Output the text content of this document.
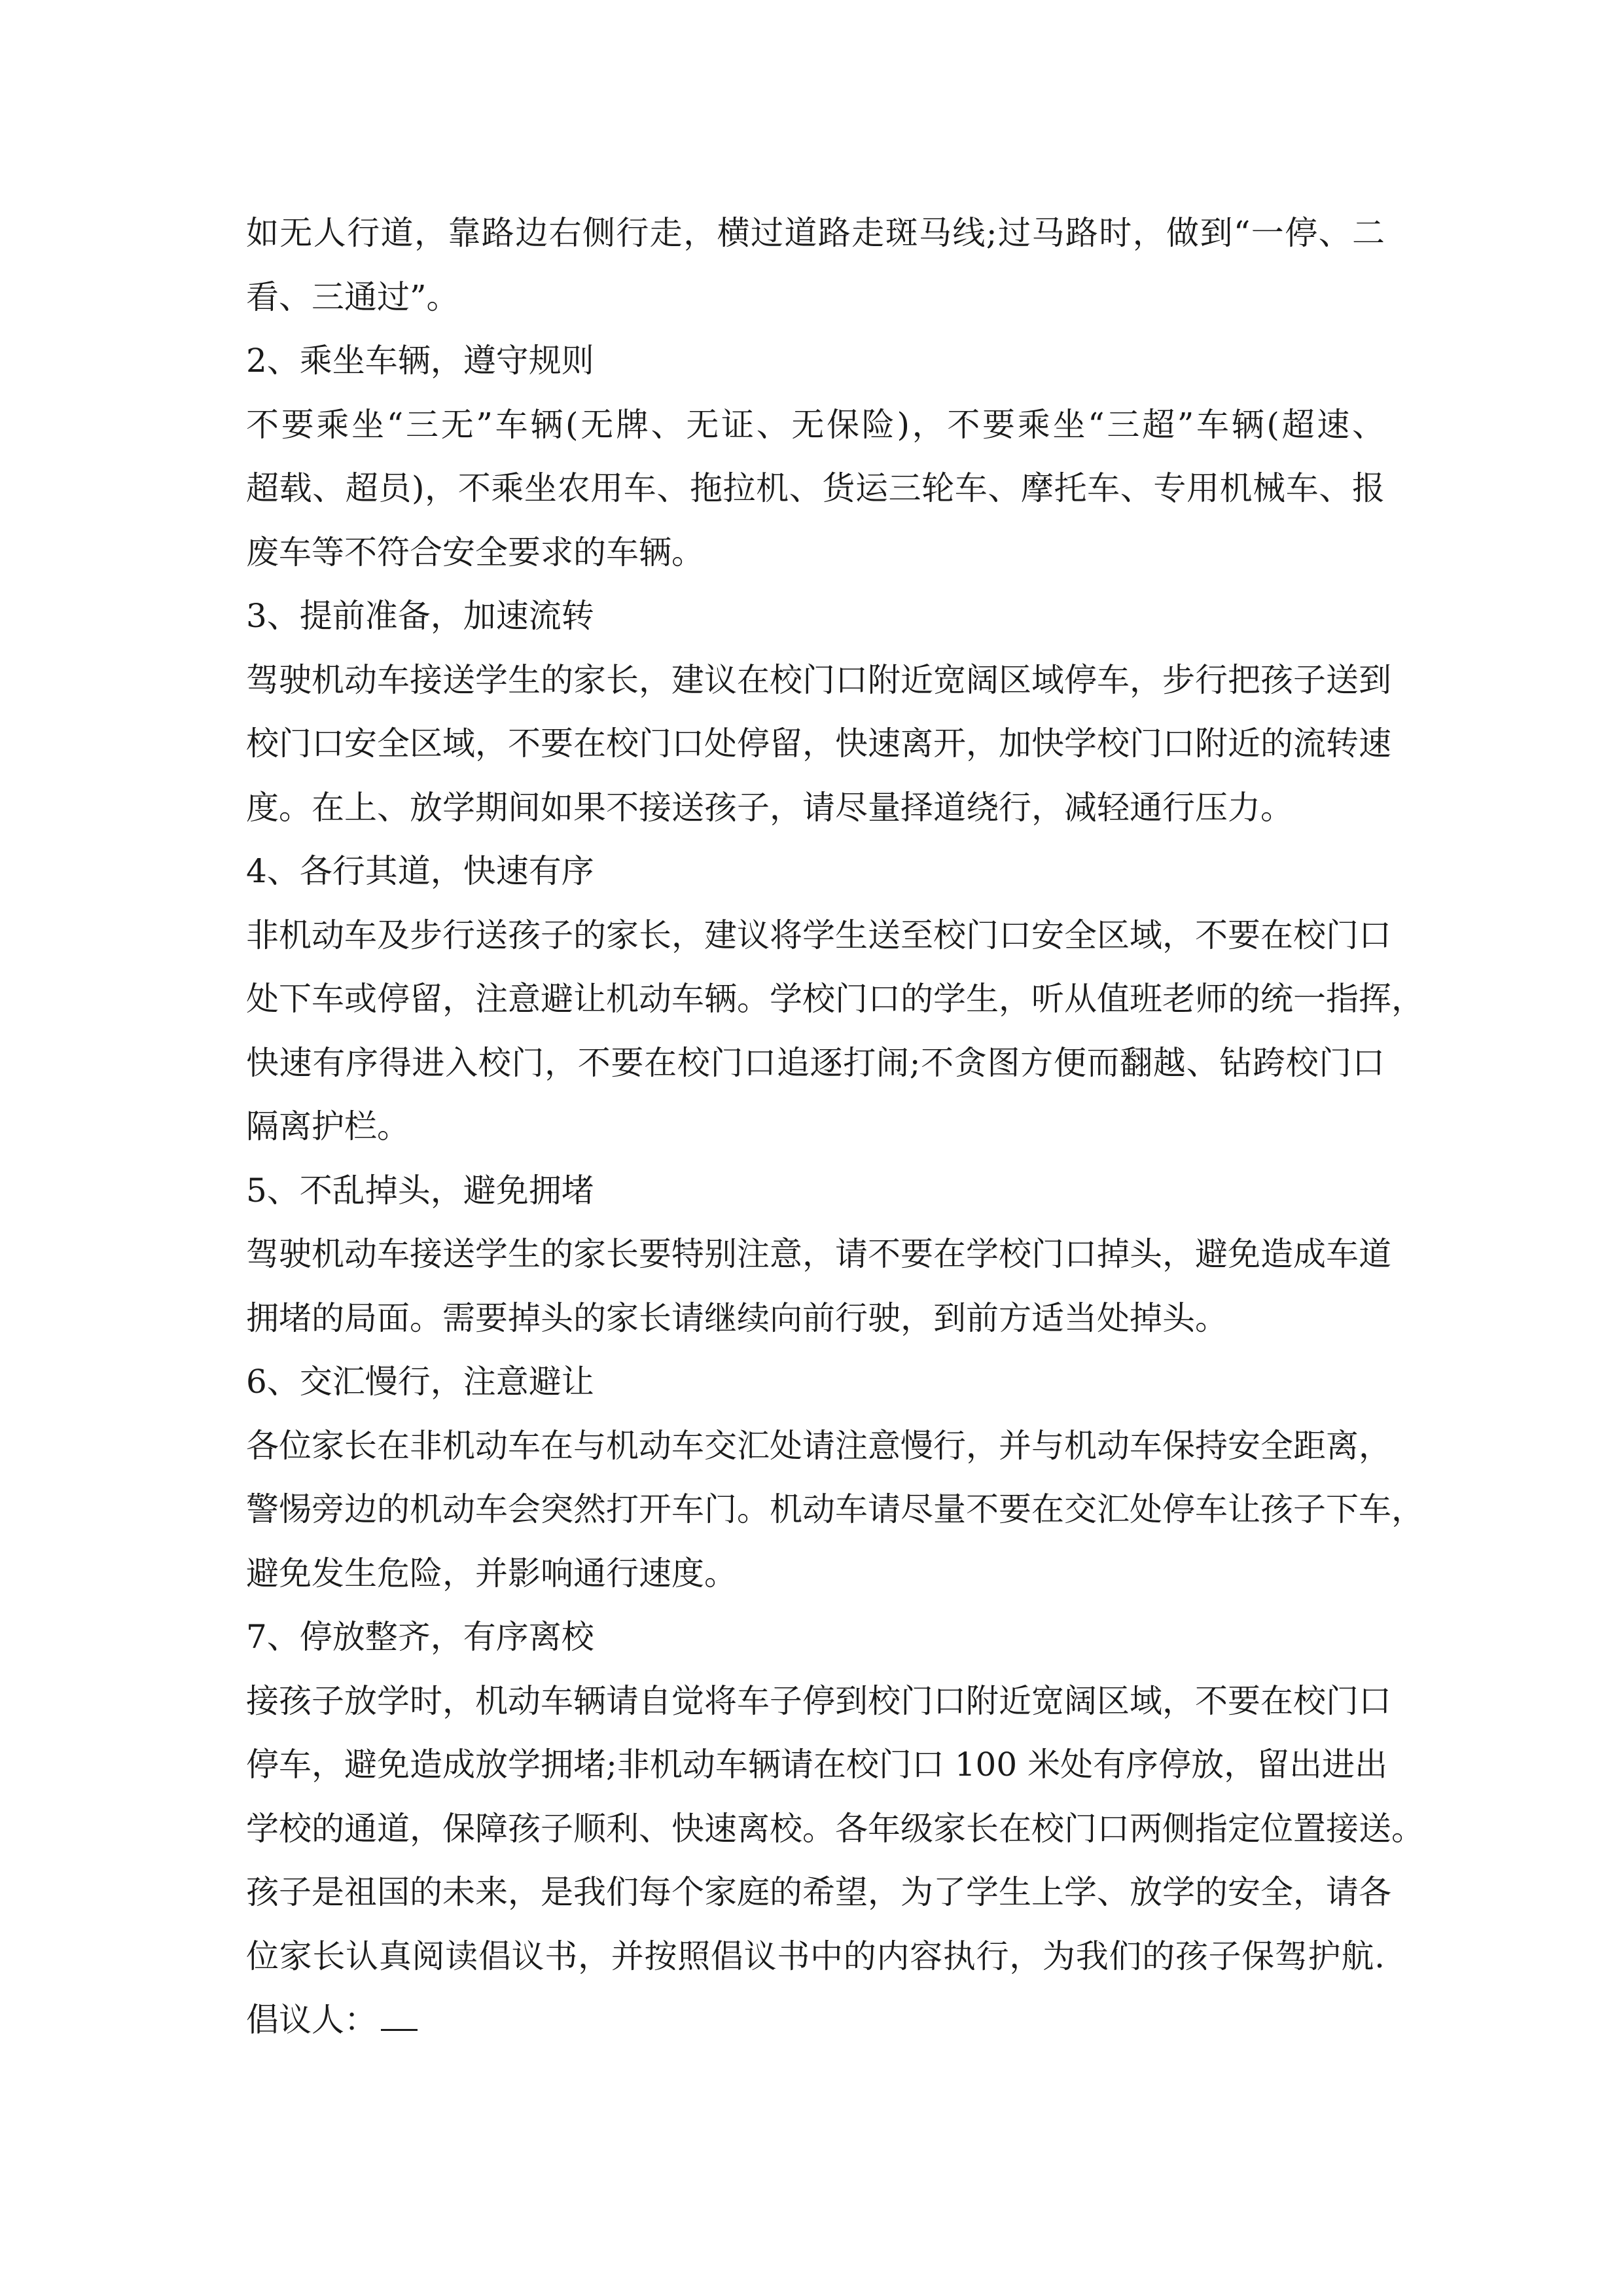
如无人行道，靠路边右侧行走，横过道路走斑马线;过马路时，做到“一停、二
看、三通过”。
2、乘坐车辆，遵守规则
不要乘坐“三无”车辆(无牌、无证、无保险)，不要乘坐“三超”车辆(超速、
超载、超员)，不乘坐农用车、拖拉机、货运三轮车、摩托车、专用机械车、报
废车等不符合安全要求的车辆。
3、提前准备，加速流转
驾驶机动车接送学生的家长，建议在校门口附近宽阔区域停车，步行把孩子送到
校门口安全区域，不要在校门口处停留，快速离开，加快学校门口附近的流转速
度。在上、放学期间如果不接送孩子，请尽量择道绕行，减轻通行压力。
4、各行其道，快速有序
非机动车及步行送孩子的家长，建议将学生送至校门口安全区域，不要在校门口
处下车或停留，注意避让机动车辆。学校门口的学生，听从值班老师的统一指挥，
快速有序得进入校门，不要在校门口追逐打闹;不贪图方便而翻越、钻跨校门口
隔离护栏。
5、不乱掉头，避免拥堵
驾驶机动车接送学生的家长要特别注意，请不要在学校门口掉头，避免造成车道
拥堵的局面。需要掉头的家长请继续向前行驶，到前方适当处掉头。
6、交汇慢行，注意避让
各位家长在非机动车在与机动车交汇处请注意慢行，并与机动车保持安全距离，
警惕旁边的机动车会突然打开车门。机动车请尽量不要在交汇处停车让孩子下车，
避免发生危险，并影响通行速度。
7、停放整齐，有序离校
接孩子放学时，机动车辆请自觉将车子停到校门口附近宽阔区域，不要在校门口
停车，避免造成放学拥堵;非机动车辆请在校门口 100 米处有序停放，留出进出
学校的通道，保障孩子顺利、快速离校。各年级家长在校门口两侧指定位置接送。
孩子是祖国的未来，是我们每个家庭的希望，为了学生上学、放学的安全，请各
位家长认真阅读倡议书，并按照倡议书中的内容执行，为我们的孩子保驾护航.
倡议人：
